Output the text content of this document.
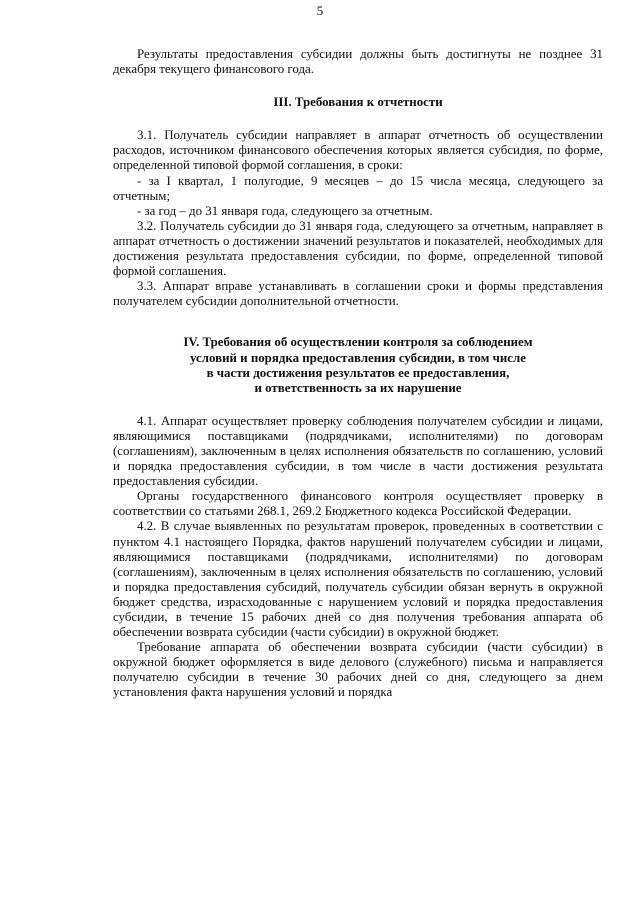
5

Результаты предоставления субсидии должны быть достигнуты не позднее 31 декабря текущего финансового года.

III. Требования к отчетности

3.1. Получатель субсидии направляет в аппарат отчетность об осуществлении расходов, источником финансового обеспечения которых является субсидия, по форме, определенной типовой формой соглашения, в сроки:

- за I квартал, 1 полугодие, 9 месяцев – до 15 числа месяца, следующего за отчетным;

- за год – до 31 января года, следующего за отчетным.

3.2. Получатель субсидии до 31 января года, следующего за отчетным, направляет в аппарат отчетность о достижении значений результатов и показателей, необходимых для достижения результата предоставления субсидии, по форме, определенной типовой формой соглашения.

3.3. Аппарат вправе устанавливать в соглашении сроки и формы представления получателем субсидии дополнительной отчетности.

IV. Требования об осуществлении контроля за соблюдением
условий и порядка предоставления субсидии, в том числе
в части достижения результатов ее предоставления,
и ответственность за их нарушение

4.1. Аппарат осуществляет проверку соблюдения получателем субсидии и лицами, являющимися поставщиками (подрядчиками, исполнителями) по договорам (соглашениям), заключенным в целях исполнения обязательств по соглашению, условий и порядка предоставления субсидии, в том числе в части достижения результата предоставления субсидии.

Органы государственного финансового контроля осуществляет проверку в соответствии со статьями 268.1, 269.2 Бюджетного кодекса Российской Федерации.

4.2. В случае выявленных по результатам проверок, проведенных в соответствии с пунктом 4.1 настоящего Порядка, фактов нарушений получателем субсидии и лицами, являющимися поставщиками (подрядчиками, исполнителями) по договорам (соглашениям), заключенным в целях исполнения обязательств по соглашению, условий и порядка предоставления субсидий, получатель субсидии обязан вернуть в окружной бюджет средства, израсходованные с нарушением условий и порядка предоставления субсидии, в течение 15 рабочих дней со дня получения требования аппарата об обеспечении возврата субсидии (части субсидии) в окружной бюджет.

Требование аппарата об обеспечении возврата субсидии (части субсидии) в окружной бюджет оформляется в виде делового (служебного) письма и направляется получателю субсидии в течение 30 рабочих дней со дня, следующего за днем установления факта нарушения условий и порядка
